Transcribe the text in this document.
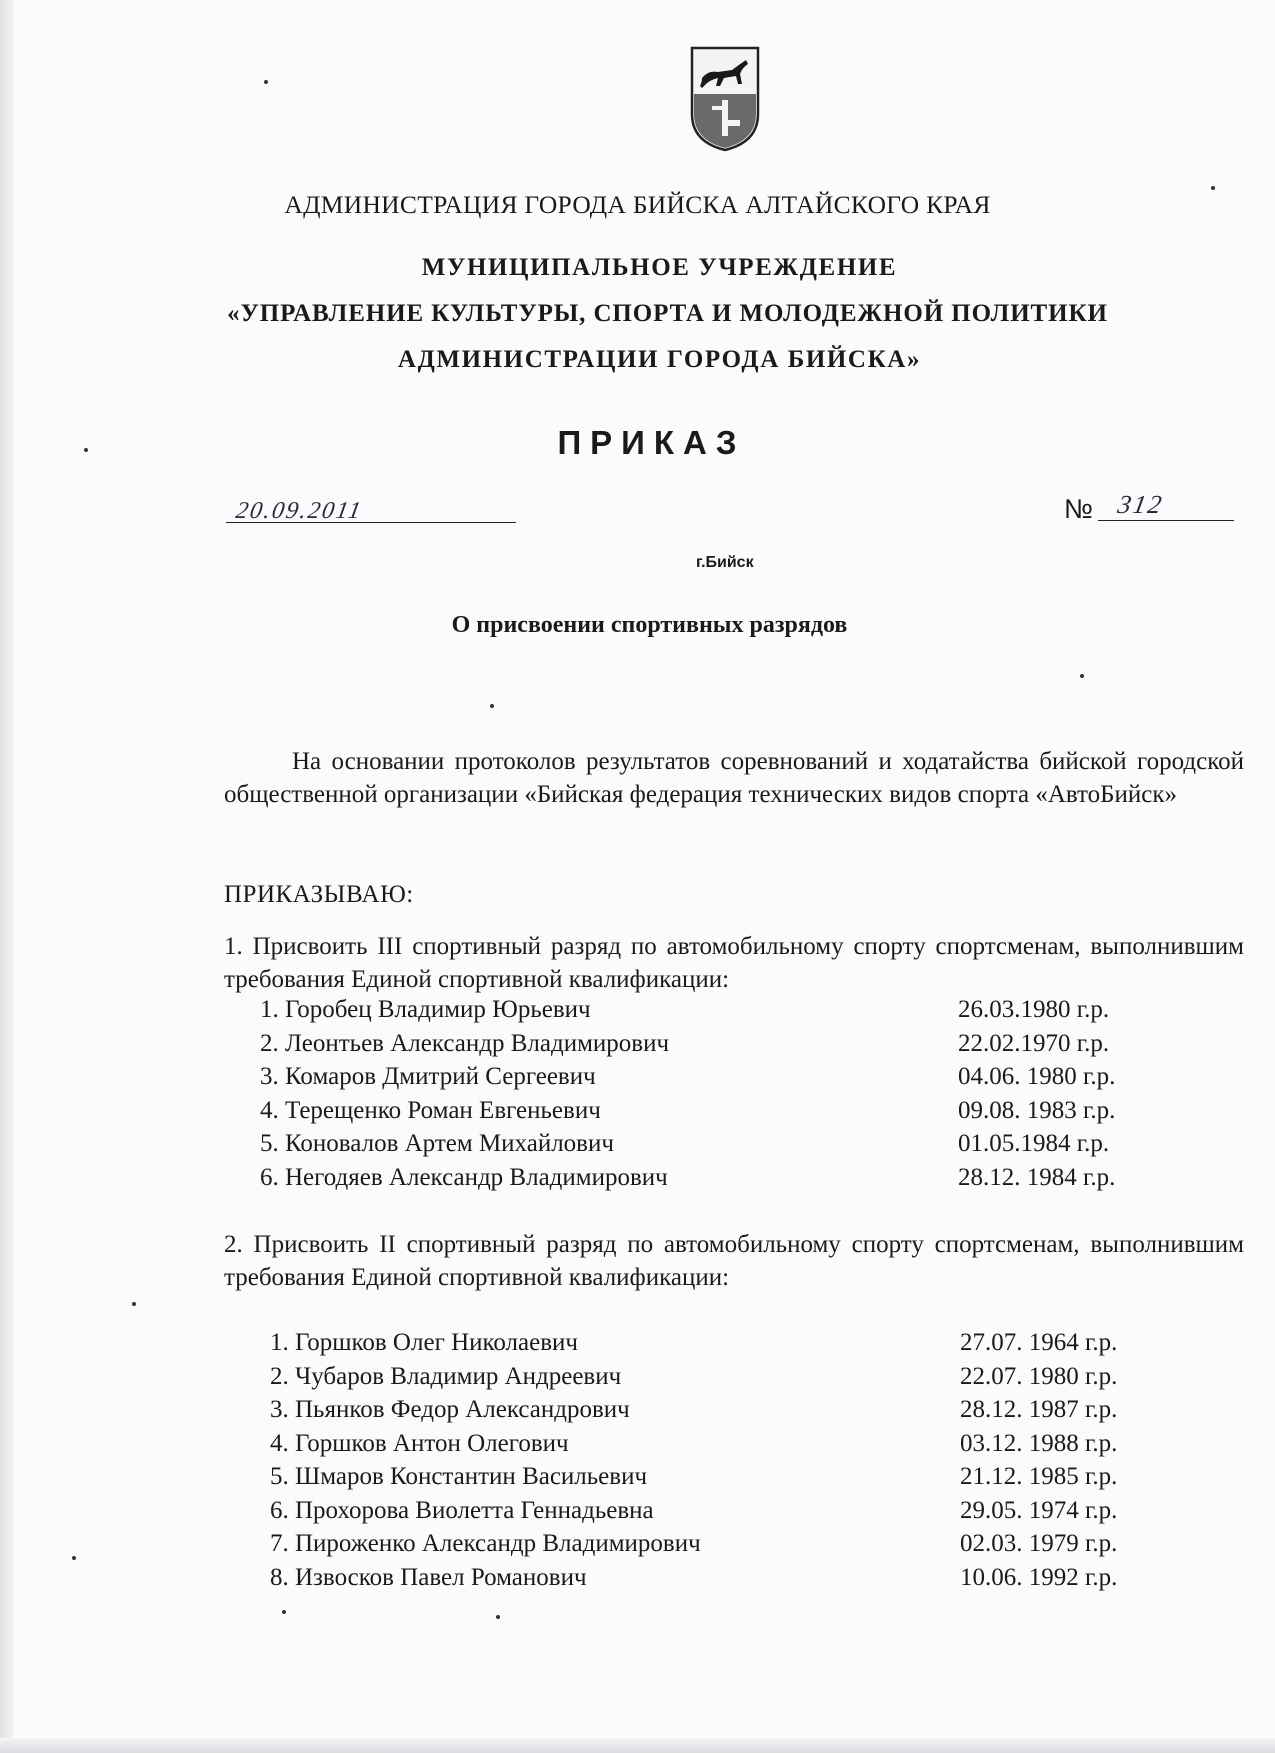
АДМИНИСТРАЦИЯ ГОРОДА БИЙСКА АЛТАЙСКОГО КРАЯ
МУНИЦИПАЛЬНОЕ УЧРЕЖДЕНИЕ
«УПРАВЛЕНИЕ КУЛЬТУРЫ, СПОРТА И МОЛОДЕЖНОЙ ПОЛИТИКИ
АДМИНИСТРАЦИИ ГОРОДА БИЙСКА»
ПРИКАЗ
20.09.2011	№ 312
г.Бийск
О присвоении спортивных разрядов
На основании протоколов результатов соревнований и ходатайства бийской городской общественной организации «Бийская федерация технических видов спорта «АвтоБийск»
ПРИКАЗЫВАЮ:
1. Присвоить III спортивный разряд по автомобильному спорту спортсменам, выполнившим требования Единой спортивной квалификации:
1. Горобец Владимир Юрьевич	26.03.1980 г.р.
2. Леонтьев Александр Владимирович	22.02.1970 г.р.
3. Комаров Дмитрий Сергеевич	04.06. 1980 г.р.
4. Терещенко Роман Евгеньевич	09.08. 1983 г.р.
5. Коновалов Артем Михайлович	01.05.1984 г.р.
6. Негодяев Александр Владимирович	28.12. 1984 г.р.
2. Присвоить II спортивный разряд по автомобильному спорту спортсменам, выполнившим требования Единой спортивной квалификации:
1. Горшков Олег Николаевич	27.07. 1964 г.р.
2. Чубаров Владимир Андреевич	22.07. 1980 г.р.
3. Пьянков Федор Александрович	28.12. 1987 г.р.
4. Горшков Антон Олегович	03.12. 1988 г.р.
5. Шмаров Константин Васильевич	21.12. 1985 г.р.
6. Прохорова Виолетта Геннадьевна	29.05. 1974 г.р.
7. Пироженко Александр Владимирович	02.03. 1979 г.р.
8. Извосков Павел Романович	10.06. 1992 г.р.
